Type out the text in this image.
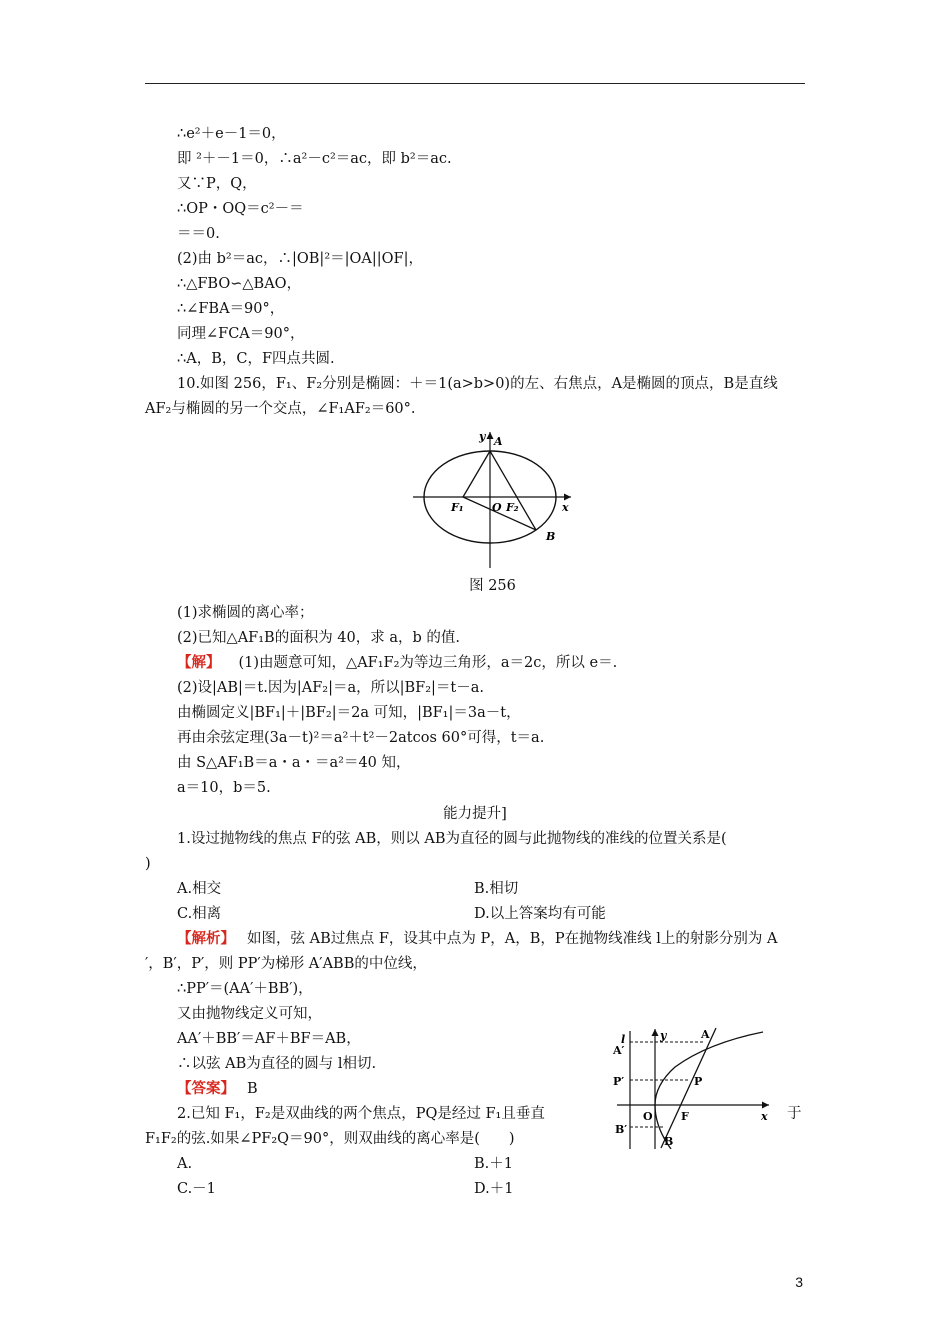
∴e²＋e－1＝0，
即 ²＋－1＝0，∴a²－c²＝ac，即 b²＝ac.
又∵P，Q，
∴OP・OQ＝c²－＝
＝＝0.
(2)由 b²＝ac，∴|OB|²＝|OA||OF|，
∴△FBO∽△BAO，
∴∠FBA＝90°，
同理∠FCA＝90°，
∴A，B，C，F四点共圆.
10.如图 256，F₁、F₂分别是椭圆：＋＝1(a>b>0)的左、右焦点，A是椭圆的顶点，B是直线
AF₂与椭圆的另一个交点，∠F₁AF₂＝60°.
y A
F₁	O F₂	x
B
图 256
(1)求椭圆的离心率；
(2)已知△AF₁B的面积为 40，求 a，b 的值.
【解】 (1)由题意可知，△AF₁F₂为等边三角形，a＝2c，所以 e＝.
(2)设|AB|＝t.因为|AF₂|＝a，所以|BF₂|＝t－a.
由椭圆定义|BF₁|＋|BF₂|＝2a 可知，|BF₁|＝3a－t，
再由余弦定理(3a－t)²＝a²＋t²－2atcos 60°可得，t＝a.
由 S△AF₁B＝a・a・＝a²＝40 知，
a＝10，b＝5.
能力提升]
1.设过抛物线的焦点 F的弦 AB，则以 AB为直径的圆与此抛物线的准线的位置关系是(
)
A.相交	B.相切
C.相离	D.以上答案均有可能
【解析】 如图，弦 AB过焦点 F，设其中点为 P，A，B，P在抛物线准线 l上的射影分别为 A
′，B′，P′，则 PP′为梯形 A′ABB的中位线，
∴PP′＝(AA′＋BB′)，
又由抛物线定义可知，
AA′＋BB′＝AF＋BF＝AB，
∴以弦 AB为直径的圆与 l相切.
【答案】 B
l	y
A′
A
P′	P
O	F	x
B′
B
2.已知 F₁，F₂是双曲线的两个焦点，PQ是经过 F₁且垂直	于
F₁F₂的弦.如果∠PF₂Q＝90°，则双曲线的离心率是(　　)
A.	B.＋1
C.－1	D.＋1
3
